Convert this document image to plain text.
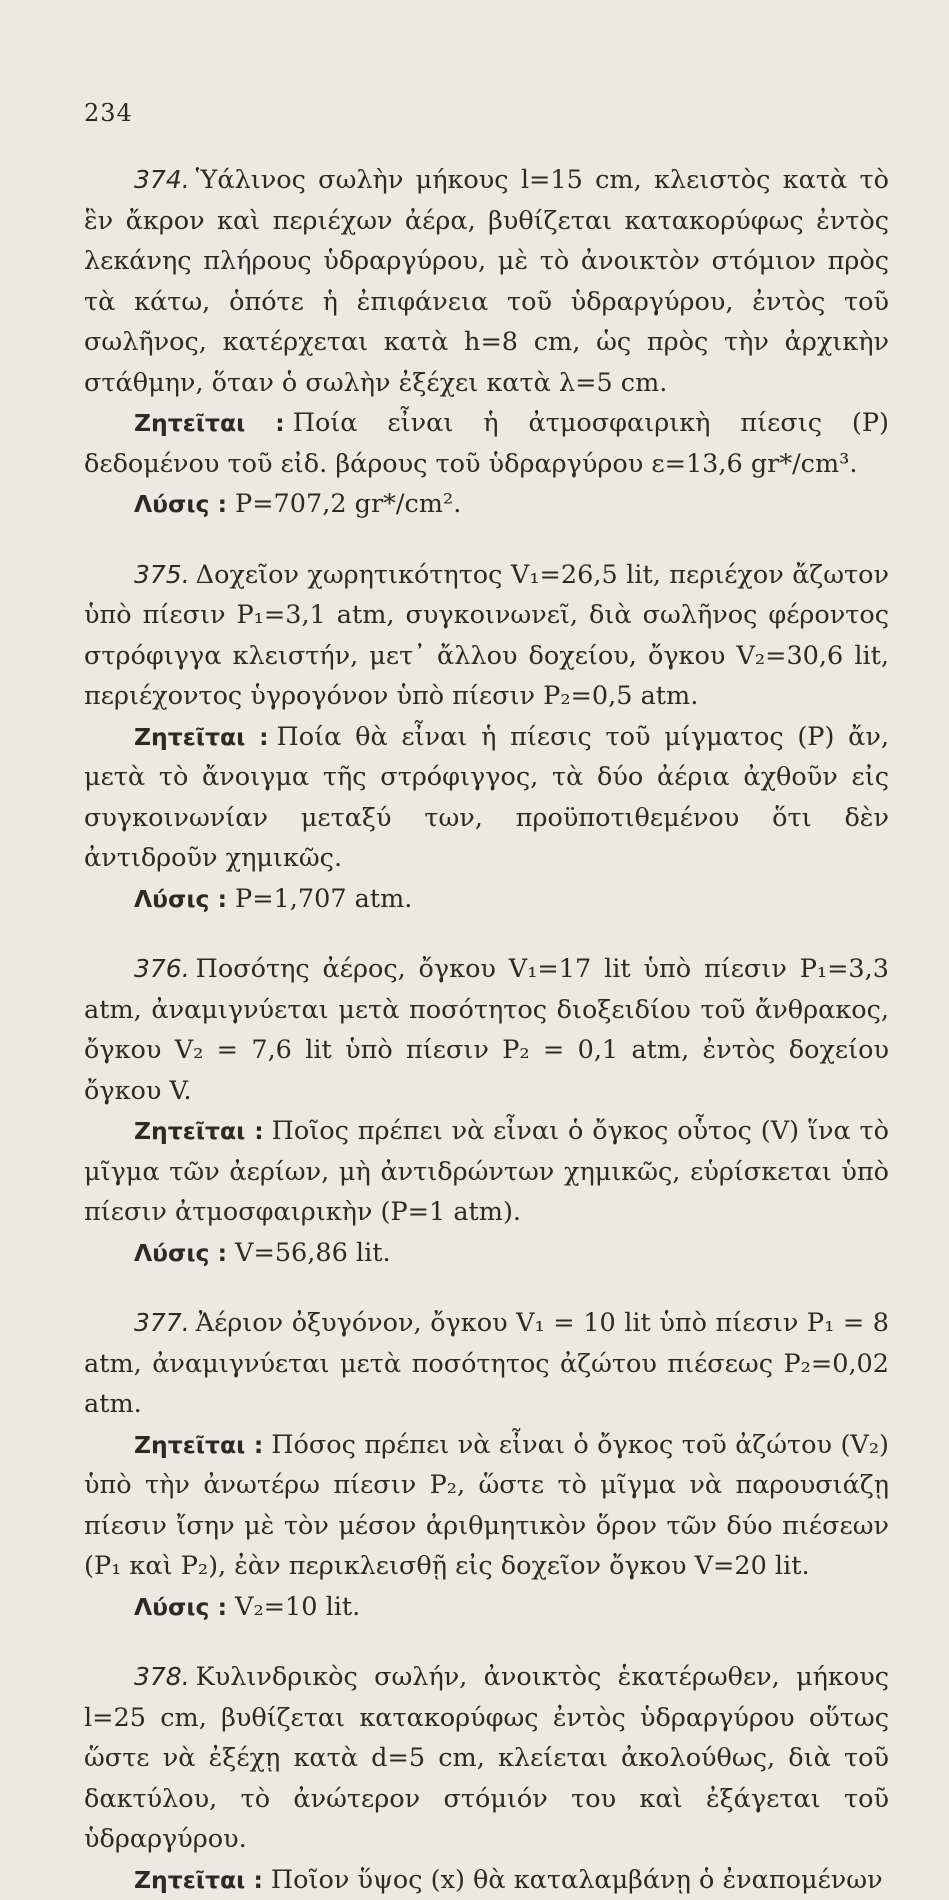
234

374. Ὑάλινος σωλὴν μήκους l=15 cm, κλειστὸς κατὰ τὸ ἓν ἄκρον καὶ περιέχων ἀέρα, βυθίζεται κατακορύφως ἐντὸς λεκάνης πλήρους ὑδραργύρου, μὲ τὸ ἀνοικτὸν στόμιον πρὸς τὰ κάτω, ὁπότε ἡ ἐπιφάνεια τοῦ ὑδραργύρου, ἐντὸς τοῦ σωλῆνος, κατέρχεται κατὰ h=8 cm, ὡς πρὸς τὴν ἀρχικὴν στάθμην, ὅταν ὁ σωλὴν ἐξέχει κατὰ λ=5 cm.

Ζητεῖται : Ποία εἶναι ἡ ἀτμοσφαιρικὴ πίεσις (P) δεδομένου τοῦ εἰδ. βάρους τοῦ ὑδραργύρου ε=13,6 gr*/cm³.

Λύσις : P=707,2 gr*/cm².

375. Δοχεῖον χωρητικότητος V₁=26,5 lit, περιέχον ἄζωτον ὑπὸ πίεσιν P₁=3,1 atm, συγκοινωνεῖ, διὰ σωλῆνος φέροντος στρόφιγγα κλειστήν, μετ᾽ ἄλλου δοχείου, ὄγκου V₂=30,6 lit, περιέχοντος ὑγρογόνον ὑπὸ πίεσιν P₂=0,5 atm.

Ζητεῖται : Ποία θὰ εἶναι ἡ πίεσις τοῦ μίγματος (P) ἄν, μετὰ τὸ ἄνοιγμα τῆς στρόφιγγος, τὰ δύο ἀέρια ἀχθοῦν εἰς συγκοινωνίαν μεταξύ των, προϋποτιθεμένου ὅτι δὲν ἀντιδροῦν χημικῶς.

Λύσις : P=1,707 atm.

376. Ποσότης ἀέρος, ὄγκου V₁=17 lit ὑπὸ πίεσιν P₁=3,3 atm, ἀναμιγνύεται μετὰ ποσότητος διοξειδίου τοῦ ἄνθρακος, ὄγκου V₂ = 7,6 lit ὑπὸ πίεσιν P₂ = 0,1 atm, ἐντὸς δοχείου ὄγκου V.

Ζητεῖται : Ποῖος πρέπει νὰ εἶναι ὁ ὄγκος οὗτος (V) ἵνα τὸ μῖγμα τῶν ἀερίων, μὴ ἀντιδρώντων χημικῶς, εὑρίσκεται ὑπὸ πίεσιν ἀτμοσφαιρικὴν (P=1 atm).

Λύσις : V=56,86 lit.

377. Ἀέριον ὀξυγόνον, ὄγκου V₁ = 10 lit ὑπὸ πίεσιν P₁ = 8 atm, ἀναμιγνύεται μετὰ ποσότητος ἀζώτου πιέσεως P₂=0,02 atm.

Ζητεῖται : Πόσος πρέπει νὰ εἶναι ὁ ὄγκος τοῦ ἀζώτου (V₂) ὑπὸ τὴν ἀνωτέρω πίεσιν P₂, ὥστε τὸ μῖγμα νὰ παρουσιάζῃ πίεσιν ἴσην μὲ τὸν μέσον ἀριθμητικὸν ὅρον τῶν δύο πιέσεων (P₁ καὶ P₂), ἐὰν περικλεισθῇ εἰς δοχεῖον ὄγκου V=20 lit.

Λύσις : V₂=10 lit.

378. Κυλινδρικὸς σωλήν, ἀνοικτὸς ἑκατέρωθεν, μήκους l=25 cm, βυθίζεται κατακορύφως ἐντὸς ὑδραργύρου οὕτως ὥστε νὰ ἐξέχῃ κατὰ d=5 cm, κλείεται ἀκολούθως, διὰ τοῦ δακτύλου, τὸ ἀνώτερον στόμιόν του καὶ ἐξάγεται τοῦ ὑδραργύρου.

Ζητεῖται : Ποῖον ὕψος (x) θὰ καταλαμβάνῃ ὁ ἐναπομένων
